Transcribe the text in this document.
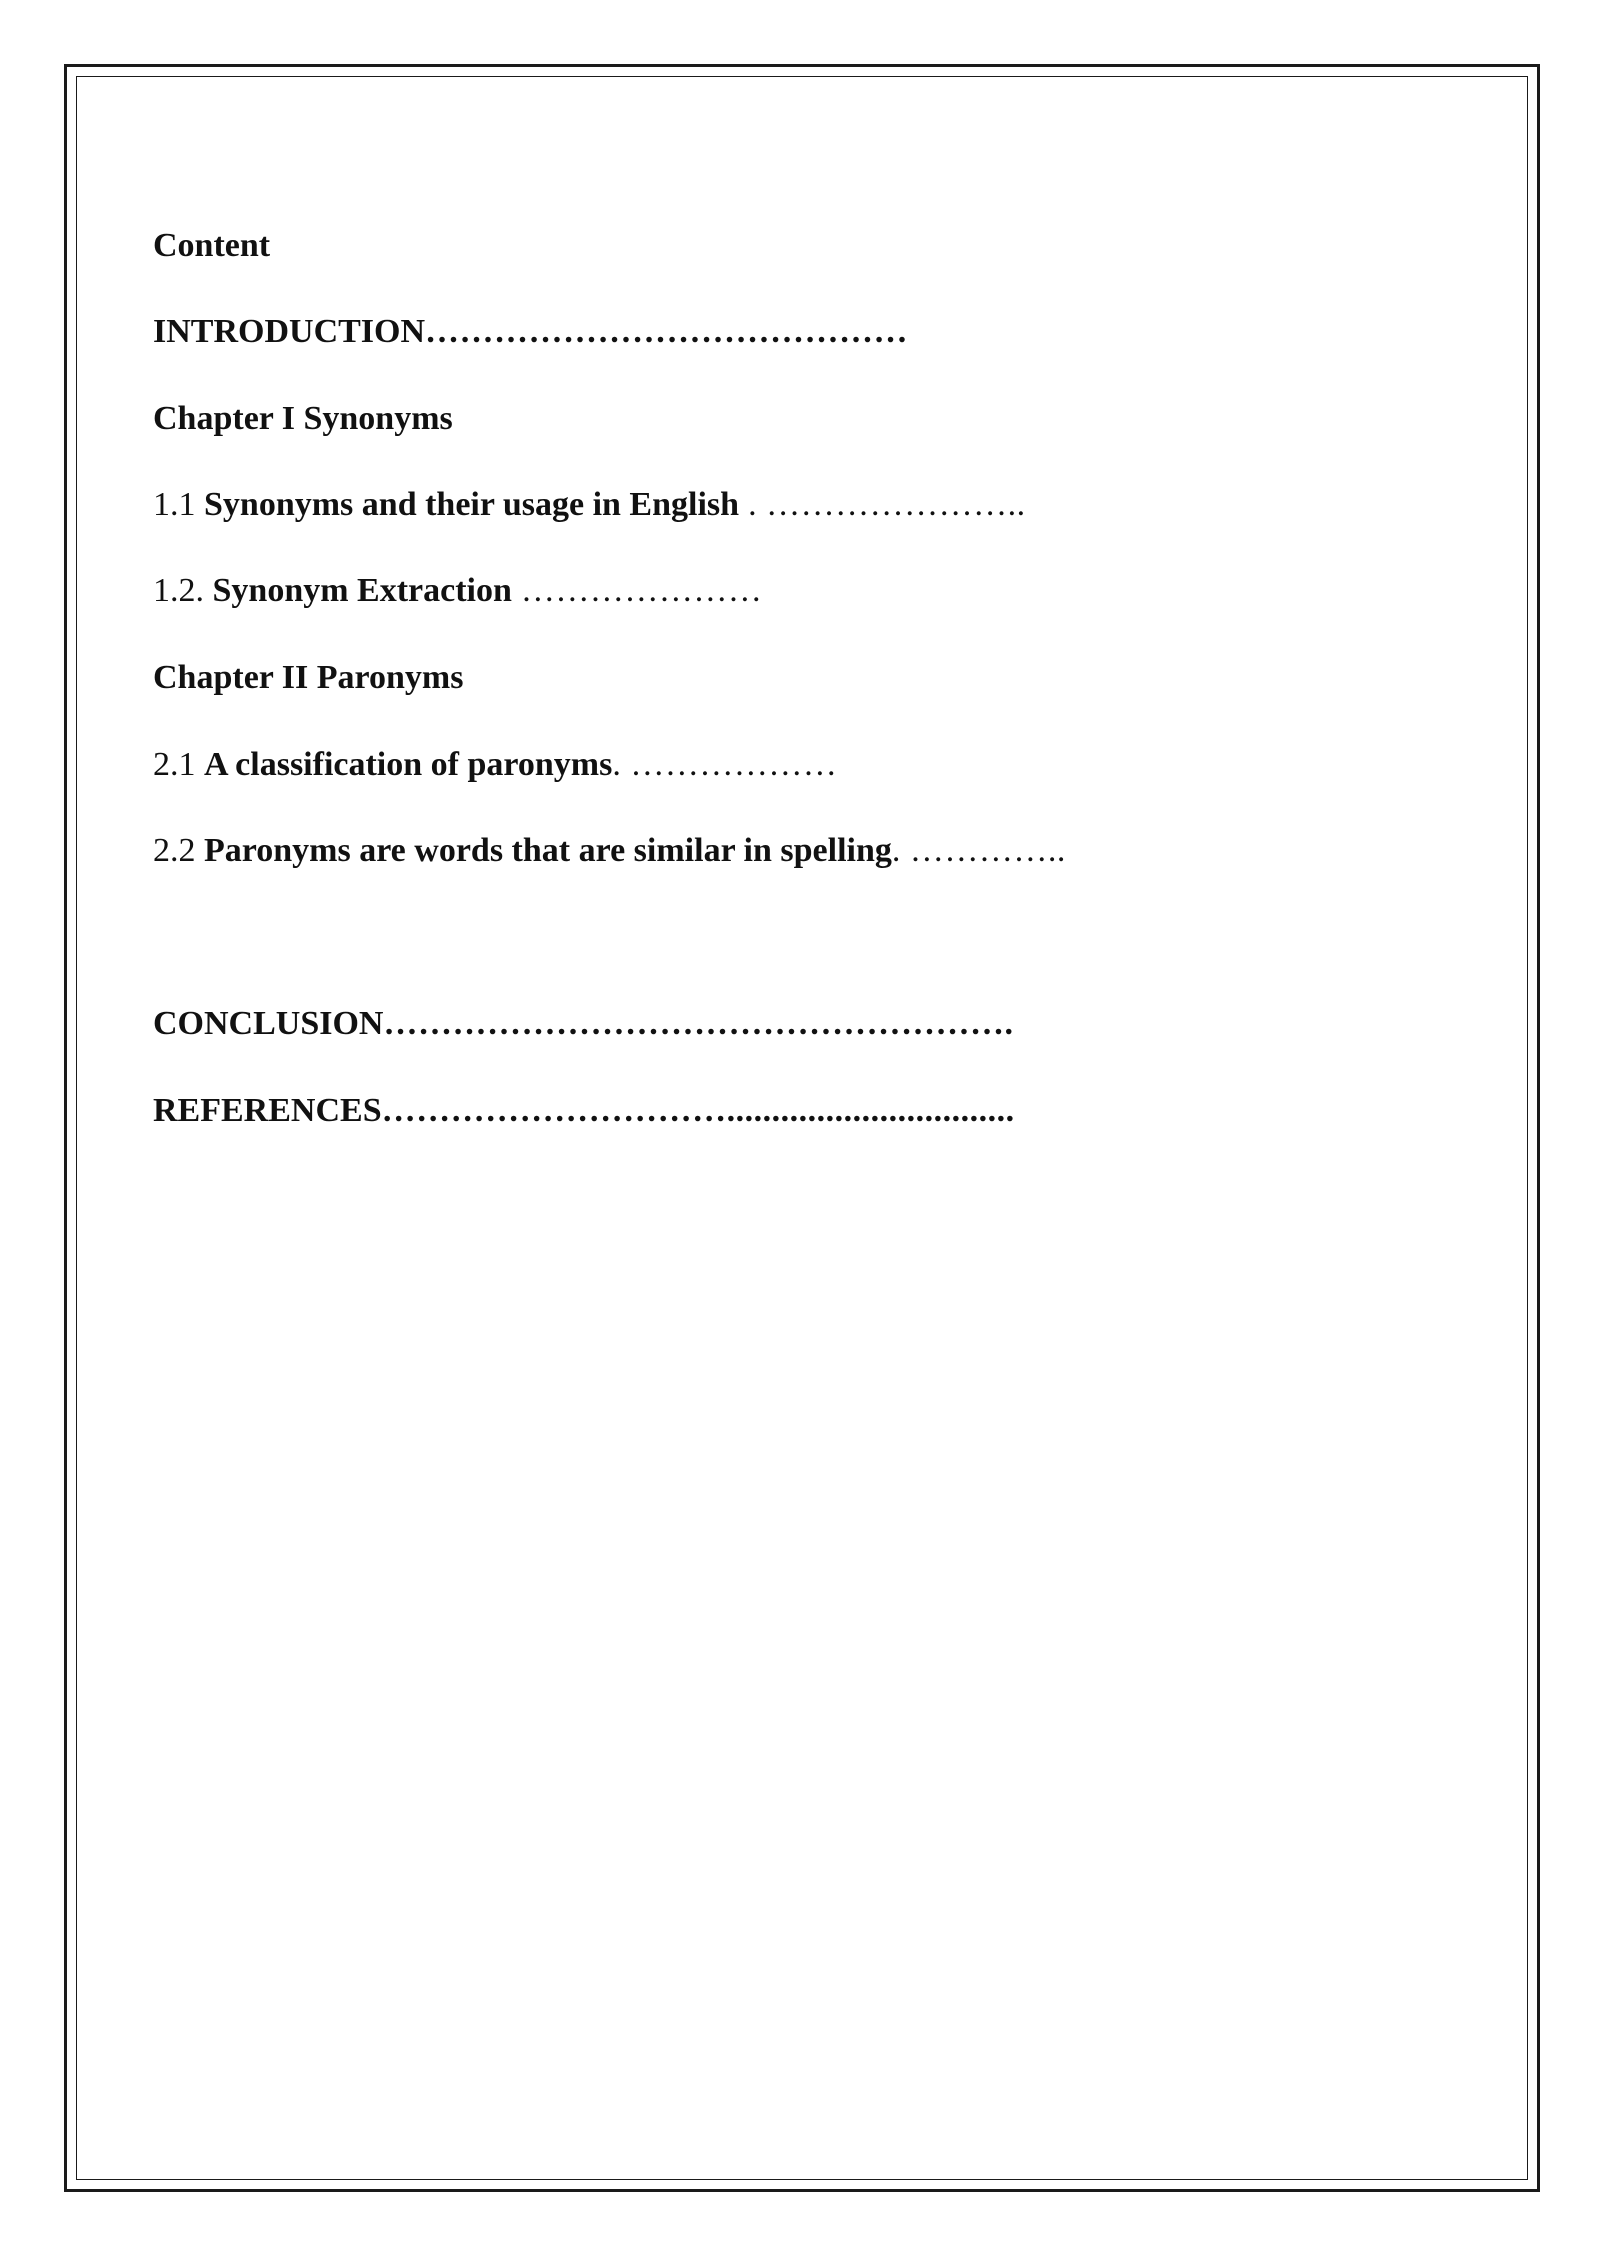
Content
INTRODUCTION……………………………………
Chapter I Synonyms
1.1 Synonyms and their usage in English . …………………..
1.2. Synonym Extraction …………………
Chapter II Paronyms
2.1 A classification of paronyms. ………………
2.2 Paronyms are words that are similar in spelling. …………..
CONCLUSION……………………………………………….
REFERENCES…………………………................................
